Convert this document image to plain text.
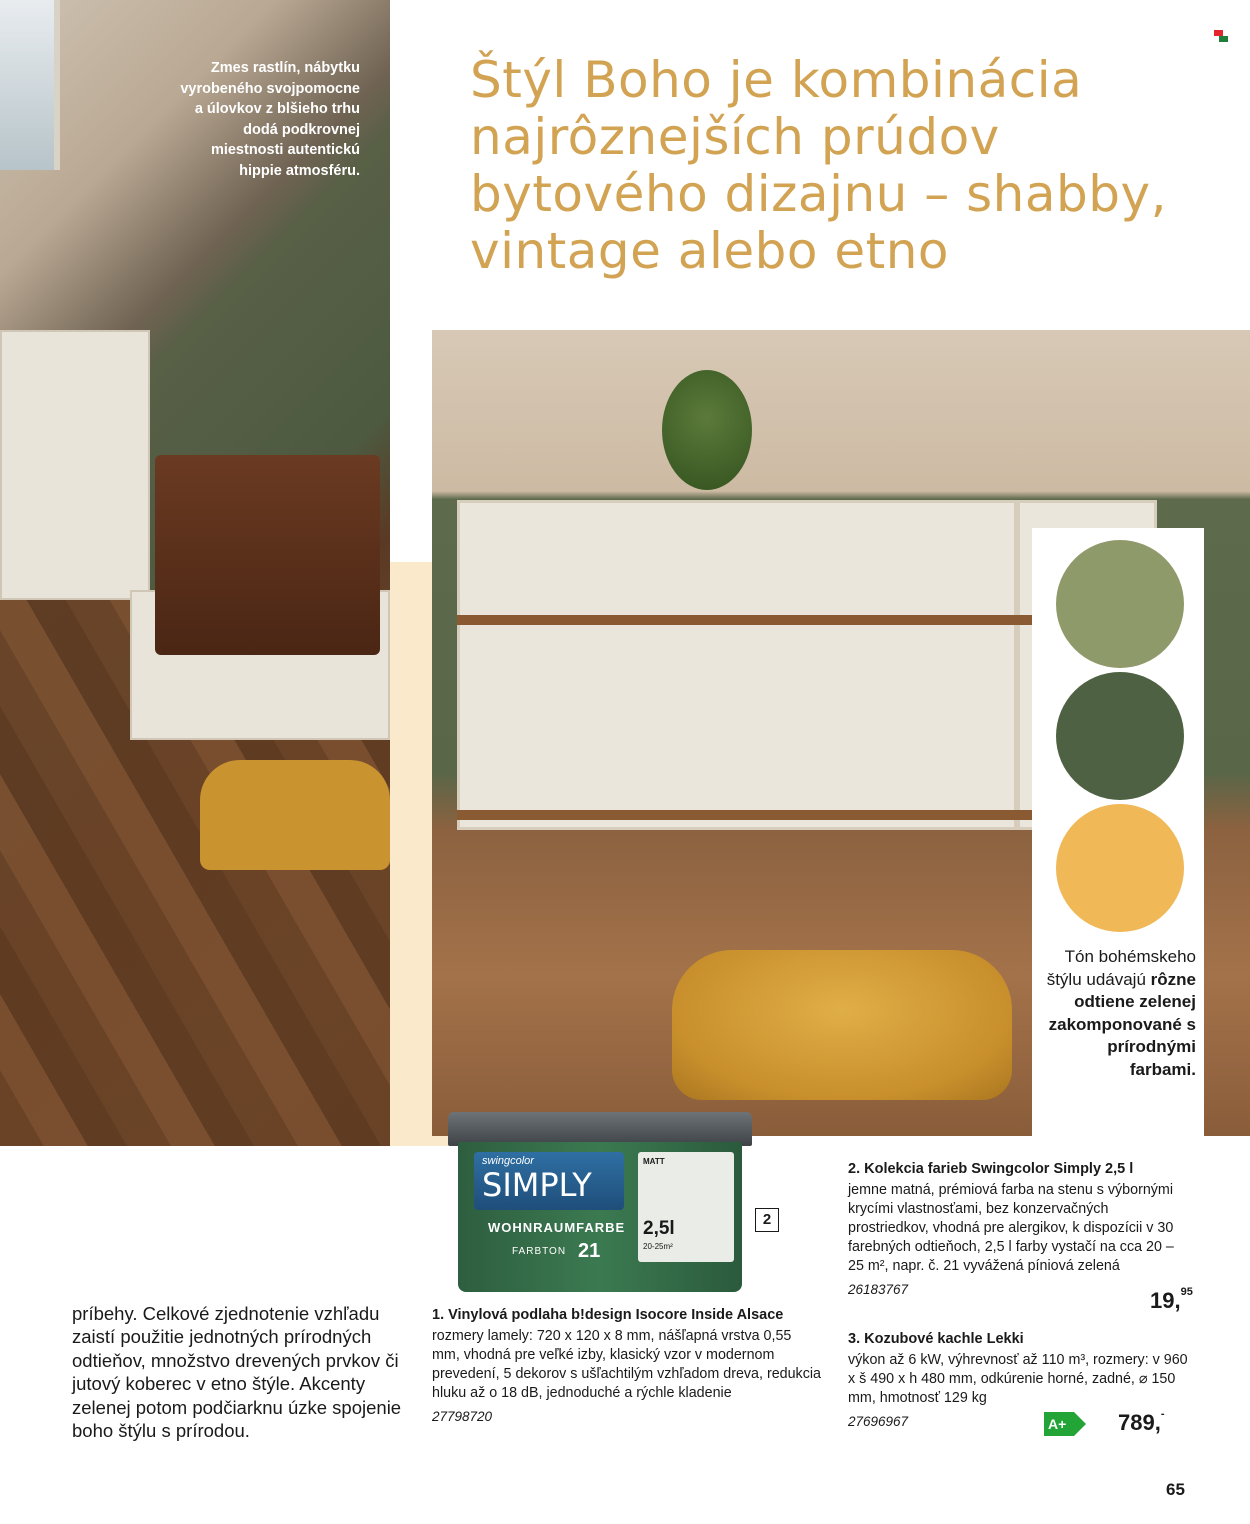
Zmes rastlín, nábytku vyrobeného svojpomocne a úlovkov z blšieho trhu dodá podkrovnej miestnosti autentickú hippie atmosféru.
Štýl Boho je kombinácia najrôznejších prúdov bytového dizajnu – shabby, vintage alebo etno
Tón bohémskeho štýlu udávajú rôzne odtiene zelenej zakomponované s prírodnými farbami.
swingcolor
SIMPLY
MATT
2,5l
20-25m²
WOHNRAUMFARBE
FARBTON 21
2
príbehy. Celkové zjednotenie vzhľadu zaistí použitie jednotných prírodných odtieňov, množstvo drevených prvkov či jutový koberec v etno štýle. Akcenty zelenej potom podčiarknu úzke spojenie boho štýlu s prírodou.
1. Vinylová podlaha b!design Isocore Inside Alsace
rozmery lamely: 720 x 120 x 8 mm, nášľapná vrstva 0,55 mm, vhodná pre veľké izby, klasický vzor v modernom prevedení, 5 dekorov s ušľachtilým vzhľadom dreva, redukcia hluku až o 18 dB, jednoduché a rýchle kladenie
27798720
2. Kolekcia farieb Swingcolor Simply 2,5 l
jemne matná, prémiová farba na stenu s výbornými krycími vlastnosťami, bez konzervačných prostriedkov, vhodná pre alergikov, k dispozícii v 30 farebných odtieňoch, 2,5 l farby vystačí na cca 20 – 25 m², napr. č. 21 vyvážená píniová zelená
26183767	19,95
3. Kozubové kachle Lekki
výkon až 6 kW, výhrevnosť až 110 m³, rozmery: v 960 x š 490 x h 480 mm, odkúrenie horné, zadné, ⌀ 150 mm, hmotnosť 129 kg
27696967	A+	789,-
65
